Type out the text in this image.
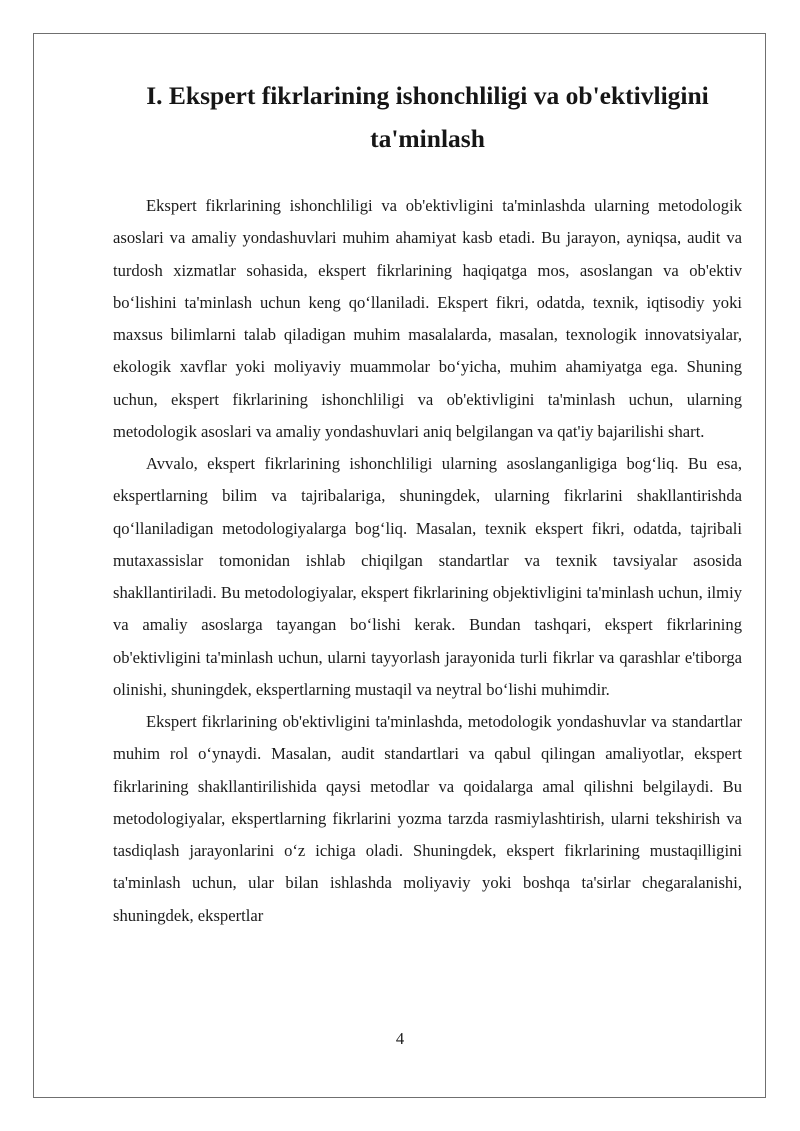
I. Ekspert fikrlarining ishonchliligi va ob'ektivligini ta'minlash

Ekspert fikrlarining ishonchliligi va ob'ektivligini ta'minlashda ularning metodologik asoslari va amaliy yondashuvlari muhim ahamiyat kasb etadi. Bu jarayon, ayniqsa, audit va turdosh xizmatlar sohasida, ekspert fikrlarining haqiqatga mos, asoslangan va ob'ektiv bo‘lishini ta'minlash uchun keng qo‘llaniladi. Ekspert fikri, odatda, texnik, iqtisodiy yoki maxsus bilimlarni talab qiladigan muhim masalalarda, masalan, texnologik innovatsiyalar, ekologik xavflar yoki moliyaviy muammolar bo‘yicha, muhim ahamiyatga ega. Shuning uchun, ekspert fikrlarining ishonchliligi va ob'ektivligini ta'minlash uchun, ularning metodologik asoslari va amaliy yondashuvlari aniq belgilangan va qat'iy bajarilishi shart.

Avvalo, ekspert fikrlarining ishonchliligi ularning asoslanganligiga bog‘liq. Bu esa, ekspertlarning bilim va tajribalariga, shuningdek, ularning fikrlarini shakllantirishda qo‘llaniladigan metodologiyalarga bog‘liq. Masalan, texnik ekspert fikri, odatda, tajribali mutaxassislar tomonidan ishlab chiqilgan standartlar va texnik tavsiyalar asosida shakllantiriladi. Bu metodologiyalar, ekspert fikrlarining objektivligini ta'minlash uchun, ilmiy va amaliy asoslarga tayangan bo‘lishi kerak. Bundan tashqari, ekspert fikrlarining ob'ektivligini ta'minlash uchun, ularni tayyorlash jarayonida turli fikrlar va qarashlar e'tiborga olinishi, shuningdek, ekspertlarning mustaqil va neytral bo‘lishi muhimdir.

Ekspert fikrlarining ob'ektivligini ta'minlashda, metodologik yondashuvlar va standartlar muhim rol o‘ynaydi. Masalan, audit standartlari va qabul qilingan amaliyotlar, ekspert fikrlarining shakllantirilishida qaysi metodlar va qoidalarga amal qilishni belgilaydi. Bu metodologiyalar, ekspertlarning fikrlarini yozma tarzda rasmiylashtirish, ularni tekshirish va tasdiqlash jarayonlarini o‘z ichiga oladi. Shuningdek, ekspert fikrlarining mustaqilligini ta'minlash uchun, ular bilan ishlashda moliyaviy yoki boshqa ta'sirlar chegaralanishi, shuningdek, ekspertlar

4
